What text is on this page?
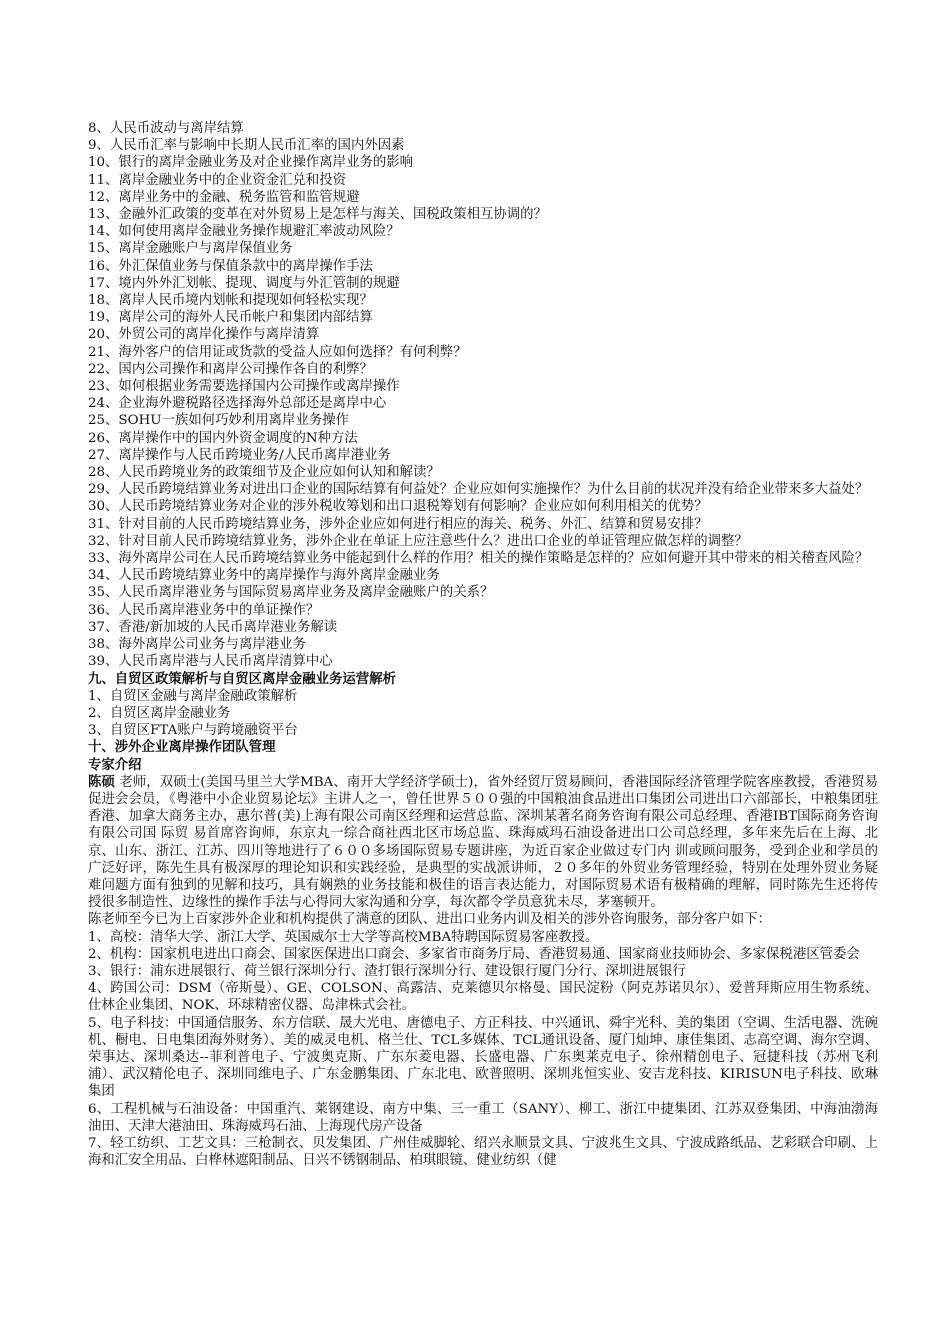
8、人民币波动与离岸结算
9、人民币汇率与影响中长期人民币汇率的国内外因素
10、银行的离岸金融业务及对企业操作离岸业务的影响
11、离岸金融业务中的企业资金汇兑和投资
12、离岸业务中的金融、税务监管和监管规避
13、金融外汇政策的变革在对外贸易上是怎样与海关、国税政策相互协调的？
14、如何使用离岸金融业务操作规避汇率波动风险？
15、离岸金融账户与离岸保值业务
16、外汇保值业务与保值条款中的离岸操作手法
17、境内外外汇划帐、提现、调度与外汇管制的规避
18、离岸人民币境内划帐和提现如何轻松实现？
19、离岸公司的海外人民币帐户和集团内部结算
20、外贸公司的离岸化操作与离岸清算
21、海外客户的信用证或货款的受益人应如何选择？有何利弊？
22、国内公司操作和离岸公司操作各自的利弊？
23、如何根据业务需要选择国内公司操作或离岸操作
24、企业海外避税路径选择海外总部还是离岸中心
25、SOHU一族如何巧妙利用离岸业务操作
26、离岸操作中的国内外资金调度的N种方法
27、离岸操作与人民币跨境业务/人民币离岸港业务
28、人民币跨境业务的政策细节及企业应如何认知和解读？
29、人民币跨境结算业务对进出口企业的国际结算有何益处？企业应如何实施操作？为什么目前的状况并没有给企业带来多大益处？
30、人民币跨境结算业务对企业的涉外税收筹划和出口退税筹划有何影响？企业应如何利用相关的优势？
31、针对目前的人民币跨境结算业务，涉外企业应如何进行相应的海关、税务、外汇、结算和贸易安排？
32、针对目前人民币跨境结算业务，涉外企业在单证上应注意些什么？进出口企业的单证管理应做怎样的调整？
33、海外离岸公司在人民币跨境结算业务中能起到什么样的作用？相关的操作策略是怎样的？应如何避开其中带来的相关稽查风险？
34、人民币跨境结算业务中的离岸操作与海外离岸金融业务
35、人民币离岸港业务与国际贸易离岸业务及离岸金融账户的关系？
36、人民币离岸港业务中的单证操作？
37、香港/新加坡的人民币离岸港业务解读
38、海外离岸公司业务与离岸港业务
39、人民币离岸港与人民币离岸清算中心
九、自贸区政策解析与自贸区离岸金融业务运营解析
1、自贸区金融与离岸金融政策解析
2、自贸区离岸金融业务
3、自贸区FTA账户与跨境融资平台
十、涉外企业离岸操作团队管理
专家介绍
陈硕 老师，双硕士(美国马里兰大学MBA、南开大学经济学硕士)，省外经贸厅贸易顾问，香港国际经济管理学院客座教授，香港贸易促进会会员，《粤港中小企业贸易论坛》主讲人之一，曾任世界５００强的中国粮油食品进出口集团公司进出口六部部长，中粮集团驻香港、加拿大商务主办，惠尔普(美)上海有限公司南区经理和运营总监、深圳某著名商务咨询有限公司总经理、香港IBT国际商务咨询有限公司国 际贸 易首席咨询师，东京丸一综合商社西北区市场总监、珠海威玛石油设备进出口公司总经理，多年来先后在上海、北京、山东、浙江、江苏、四川等地进行了６００多场国际贸易专题讲座，为近百家企业做过专门内 训或顾问服务，受到企业和学员的广泛好评，陈先生具有极深厚的理论知识和实践经验，是典型的实战派讲师，２０多年的外贸业务管理经验，特别在处理外贸业务疑难问题方面有独到的见解和技巧，具有娴熟的业务技能和极佳的语言表达能力，对国际贸易术语有极精确的理解，同时陈先生还将传授很多制造性、边缘性的操作手法与心得同大家沟通和分享，每次都令学员意犹未尽，茅塞顿开。
陈老师至今已为上百家涉外企业和机构提供了满意的团队、进出口业务内训及相关的涉外咨询服务，部分客户如下：
1、高校：清华大学、浙江大学、英国威尔士大学等高校MBA特聘国际贸易客座教授。
2、机构：国家机电进出口商会、国家医保进出口商会、多家省市商务厅局、香港贸易通、国家商业技师协会、多家保税港区管委会
3、银行：浦东进展银行、荷兰银行深圳分行、渣打银行深圳分行、建设银行厦门分行、深圳进展银行
4、跨国公司：DSM（帝斯曼）、GE、COLSON、高露洁、克莱德贝尔格曼、国民淀粉（阿克苏诺贝尔）、爱普拜斯应用生物系统、仕林企业集团、NOK、环球精密仪器、岛津株式会社。
5、电子科技：中国通信服务、东方信联、晟大光电、唐德电子、方正科技、中兴通讯、舜宇光科、美的集团（空调、生活电器、洗碗机、橱电、日电集团海外财务）、美的威灵电机、格兰仕、TCL多媒体、TCL通讯设备、厦门灿坤、康佳集团、志高空调、海尔空调、荣事达、深圳桑达--菲利普电子、宁波奥克斯、广东东菱电器、长盛电器、广东奥莱克电子、徐州精创电子、冠捷科技（苏州飞利浦）、武汉精伦电子、深圳同维电子、广东金鹏集团、广东北电、欧普照明、深圳兆恒实业、安吉龙科技、KIRISUN电子科技、欧琳集团
6、工程机械与石油设备：中国重汽、莱钢建设、南方中集、三一重工（SANY）、柳工、浙江中捷集团、江苏双登集团、中海油渤海油田、天津大港油田、珠海威玛石油、上海现代房产设备
7、轻工纺织、工艺文具：三枪制衣、贝发集团、广州佳威脚轮、绍兴永顺景文具、宁波兆生文具、宁波成路纸品、艺彩联合印刷、上海和汇安全用品、白桦林遮阳制品、日兴不锈钢制品、柏琪眼镜、健业纺织（健
